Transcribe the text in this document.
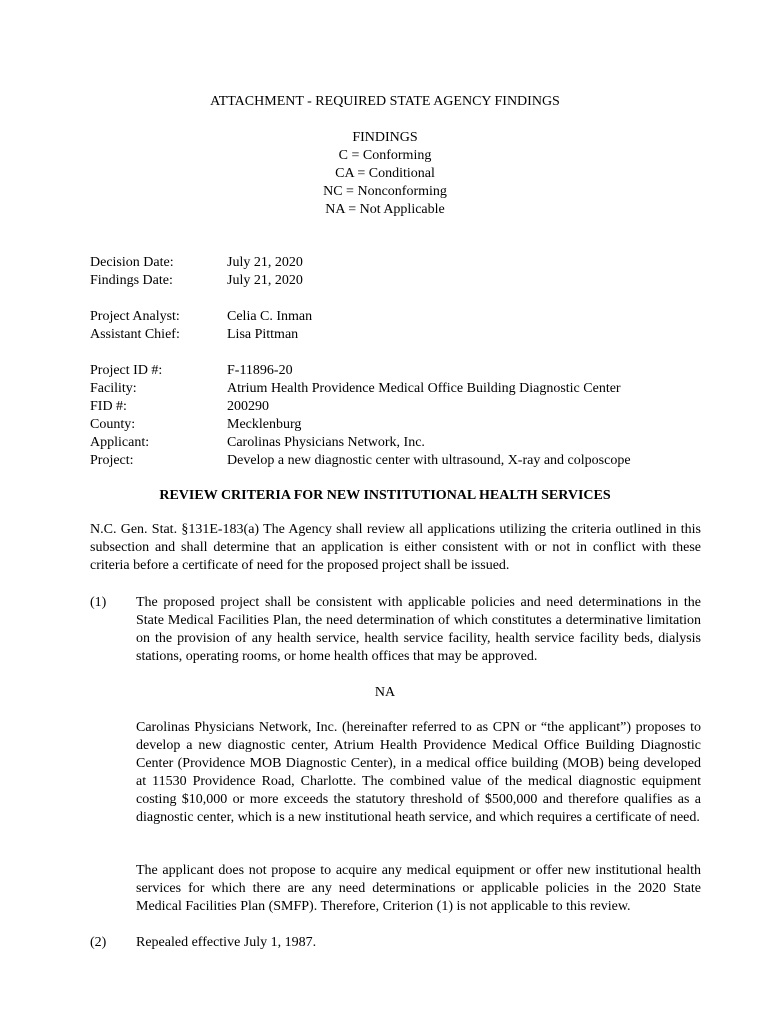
ATTACHMENT - REQUIRED STATE AGENCY FINDINGS
FINDINGS
C = Conforming
CA = Conditional
NC = Nonconforming
NA = Not Applicable
Decision Date:	July 21, 2020
Findings Date:	July 21, 2020
Project Analyst:	Celia C. Inman
Assistant Chief:	Lisa Pittman
Project ID #:	F-11896-20
Facility:	Atrium Health Providence Medical Office Building Diagnostic Center
FID #:	200290
County:	Mecklenburg
Applicant:	Carolinas Physicians Network, Inc.
Project:	Develop a new diagnostic center with ultrasound, X-ray and colposcope
REVIEW CRITERIA FOR NEW INSTITUTIONAL HEALTH SERVICES

N.C. Gen. Stat. §131E-183(a) The Agency shall review all applications utilizing the criteria outlined in this subsection and shall determine that an application is either consistent with or not in conflict with these criteria before a certificate of need for the proposed project shall be issued.

(1) The proposed project shall be consistent with applicable policies and need determinations in the State Medical Facilities Plan, the need determination of which constitutes a determinative limitation on the provision of any health service, health service facility, health service facility beds, dialysis stations, operating rooms, or home health offices that may be approved.

NA

Carolinas Physicians Network, Inc. (hereinafter referred to as CPN or “the applicant”) proposes to develop a new diagnostic center, Atrium Health Providence Medical Office Building Diagnostic Center (Providence MOB Diagnostic Center), in a medical office building (MOB) being developed at 11530 Providence Road, Charlotte. The combined value of the medical diagnostic equipment costing $10,000 or more exceeds the statutory threshold of $500,000 and therefore qualifies as a diagnostic center, which is a new institutional heath service, and which requires a certificate of need.

The applicant does not propose to acquire any medical equipment or offer new institutional health services for which there are any need determinations or applicable policies in the 2020 State Medical Facilities Plan (SMFP). Therefore, Criterion (1) is not applicable to this review.

(2) Repealed effective July 1, 1987.
